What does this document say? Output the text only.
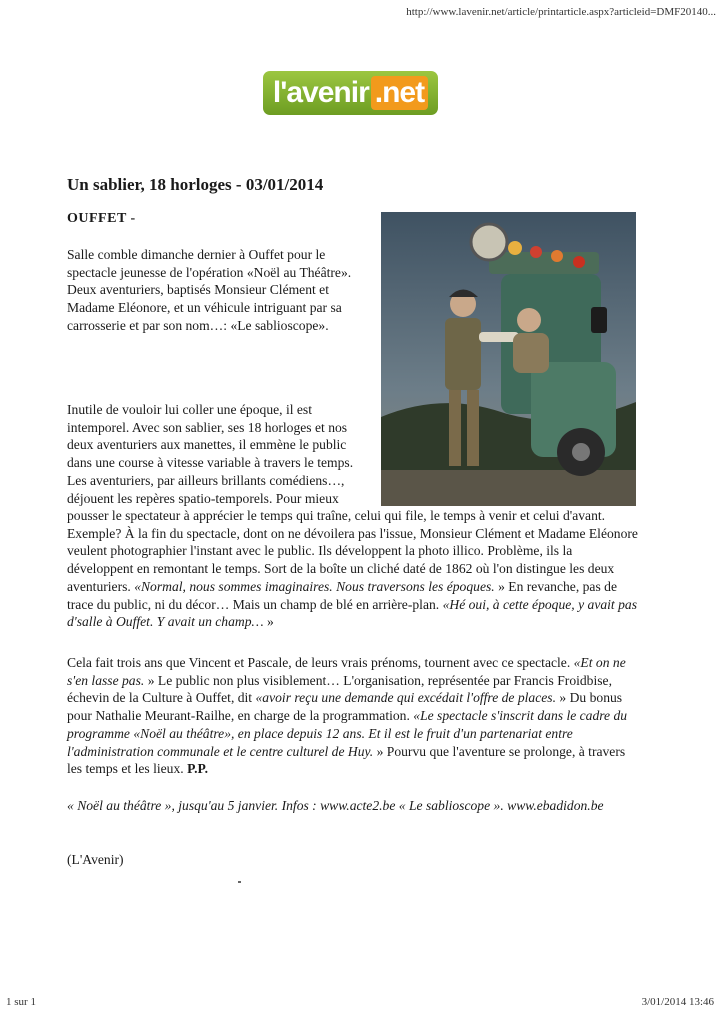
http://www.lavenir.net/article/printarticle.aspx?articleid=DMF20140...
l'avenir .net
Un sablier, 18 horloges - 03/01/2014
OUFFET -

Salle comble dimanche dernier à Ouffet pour le spectacle jeunesse de l'opération «Noël au Théâtre». Deux aventuriers, baptisés Monsieur Clément et Madame Eléonore, et un véhicule intriguant par sa carrosserie et par son nom…: «Le sablioscope».

Inutile de vouloir lui coller une époque, il est intemporel. Avec son sablier, ses 18 horloges et nos deux aventuriers aux manettes, il emmène le public dans une course à vitesse variable à travers le temps. Les aventuriers, par ailleurs brillants comédiens…, déjouent les repères spatio-temporels. Pour mieux

pousser le spectateur à apprécier le temps qui traîne, celui qui file, le temps à venir et celui d'avant. Exemple? À la fin du spectacle, dont on ne dévoilera pas l'issue, Monsieur Clément et Madame Eléonore veulent photographier l'instant avec le public. Ils développent la photo illico. Problème, ils la développent en remontant le temps. Sort de la boîte un cliché daté de 1862 où l'on distingue les deux aventuriers. «Normal, nous sommes imaginaires. Nous traversons les époques. » En revanche, pas de trace du public, ni du décor… Mais un champ de blé en arrière-plan. «Hé oui, à cette époque, y avait pas d'salle à Ouffet. Y avait un champ… »

Cela fait trois ans que Vincent et Pascale, de leurs vrais prénoms, tournent avec ce spectacle. «Et on ne s'en lasse pas. » Le public non plus visiblement… L'organisation, représentée par Francis Froidbise, échevin de la Culture à Ouffet, dit «avoir reçu une demande qui excédait l'offre de places. » Du bonus pour Nathalie Meurant-Railhe, en charge de la programmation. «Le spectacle s'inscrit dans le cadre du programme «Noël au théâtre», en place depuis 12 ans. Et il est le fruit d'un partenariat entre l'administration communale et le centre culturel de Huy. » Pourvu que l'aventure se prolonge, à travers les temps et les lieux. P.P.

« Noël au théâtre », jusqu'au 5 janvier. Infos : www.acte2.be « Le sablioscope ». www.ebadidon.be

(L'Avenir)
1 sur 1	3/01/2014 13:46
